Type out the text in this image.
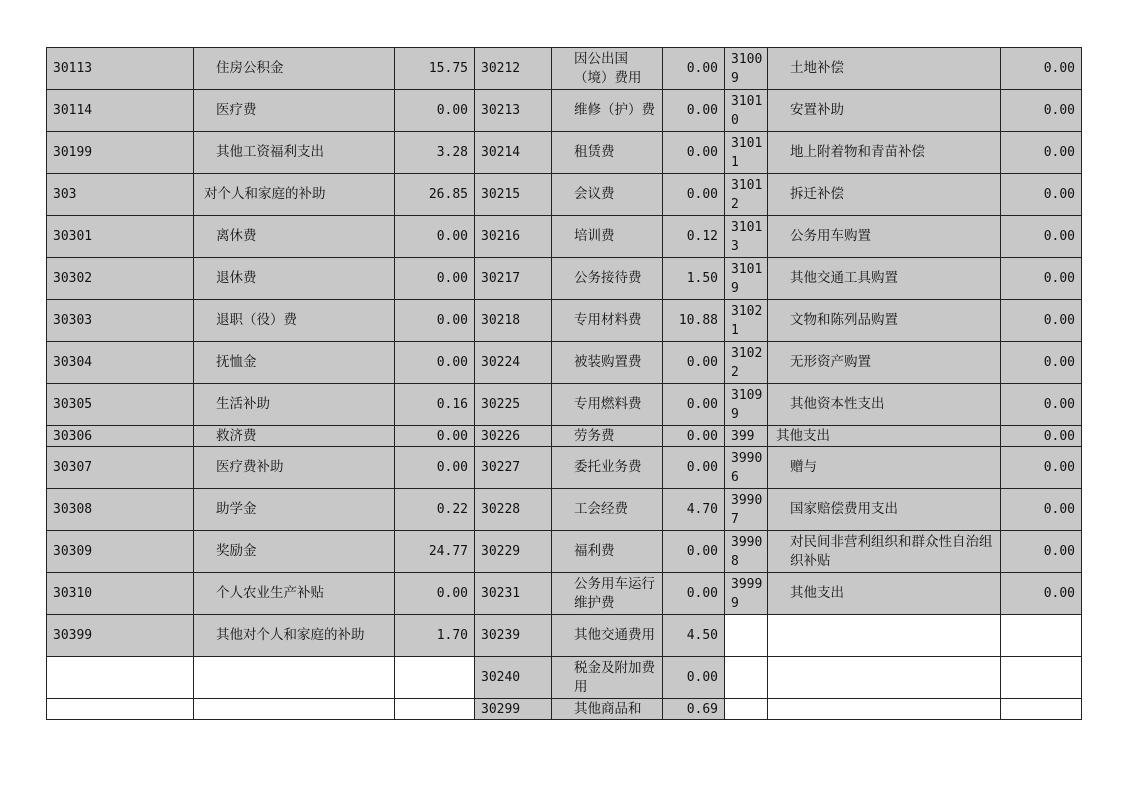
30113	住房公积金	15.75	30212	因公出国（境）费用	0.00	31009	土地补偿	0.00
30114	医疗费	0.00	30213	维修（护）费	0.00	31010	安置补助	0.00
30199	其他工资福利支出	3.28	30214	租赁费	0.00	31011	地上附着物和青苗补偿	0.00
303	对个人和家庭的补助	26.85	30215	会议费	0.00	31012	拆迁补偿	0.00
30301	离休费	0.00	30216	培训费	0.12	31013	公务用车购置	0.00
30302	退休费	0.00	30217	公务接待费	1.50	31019	其他交通工具购置	0.00
30303	退职（役）费	0.00	30218	专用材料费	10.88	31021	文物和陈列品购置	0.00
30304	抚恤金	0.00	30224	被装购置费	0.00	31022	无形资产购置	0.00
30305	生活补助	0.16	30225	专用燃料费	0.00	31099	其他资本性支出	0.00
30306	救济费	0.00	30226	劳务费	0.00	399	其他支出	0.00
30307	医疗费补助	0.00	30227	委托业务费	0.00	39906	赠与	0.00
30308	助学金	0.22	30228	工会经费	4.70	39907	国家赔偿费用支出	0.00
30309	奖励金	24.77	30229	福利费	0.00	39908	对民间非营利组织和群众性自治组织补贴	0.00
30310	个人农业生产补贴	0.00	30231	公务用车运行维护费	0.00	39999	其他支出	0.00
30399	其他对个人和家庭的补助	1.70	30239	其他交通费用	4.50			
			30240	税金及附加费用	0.00			
			30299	其他商品和	0.69			
